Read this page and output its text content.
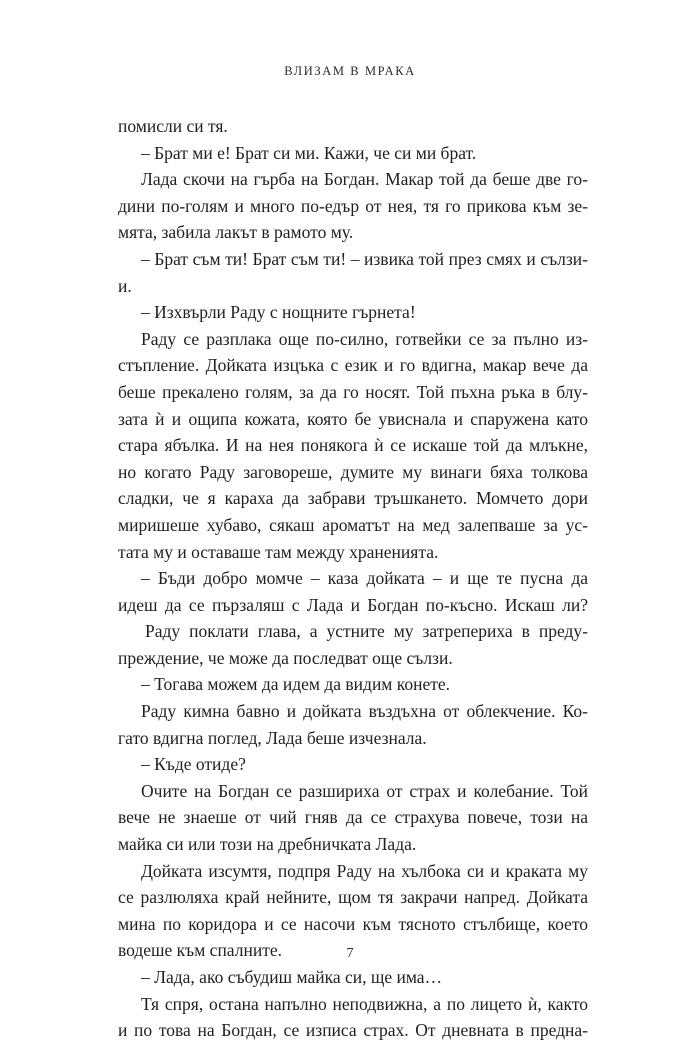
ВЛИЗАМ В МРАКА
помисли си тя.
– Брат ми е! Брат си ми. Кажи, че си ми брат.
Лада скочи на гърба на Богдан. Макар той да беше две го-
дини по-голям и много по-едър от нея, тя го прикова към зе-
мята, забила лакът в рамото му.
– Брат съм ти! Брат съм ти! – извика той през смях и сълзи-
и.
– Изхвърли Раду с нощните гърнета!
Раду се разплака още по-силно, готвейки се за пълно из-
стъпление. Дойката изцъка с език и го вдигна, макар вече да
беше прекалено голям, за да го носят. Той пъхна ръка в блу-
зата ѝ и ощипа кожата, която бе увиснала и спаружена като
стара ябълка. И на нея понякога ѝ се искаше той да млъкне,
но когато Раду заговореше, думите му винаги бяха толкова
сладки, че я караха да забрави тръшкането. Момчето дори
миришеше хубаво, сякаш ароматът на мед залепваше за ус-
тата му и оставаше там между храненията.
– Бъди добро момче – каза дойката – и ще те пусна да
идеш да се пързаляш с Лада и Богдан по-късно. Искаш ли?
Раду поклати глава, а устните му затрепериха в преду-
преждение, че може да последват още сълзи.
– Тогава можем да идем да видим конете.
Раду кимна бавно и дойката въздъхна от облекчение. Ко-
гато вдигна поглед, Лада беше изчезнала.
– Къде отиде?
Очите на Богдан се разшириха от страх и колебание. Той
вече не знаеше от чий гняв да се страхува повече, този на
майка си или този на дребничката Лада.
Дойката изсумтя, подпря Раду на хълбока си и краката му
се разлюляха край нейните, щом тя закрачи напред. Дойката
мина по коридора и се насочи към тясното стълбище, което
водеше към спалните.
– Лада, ако събудиш майка си, ще има…
Тя спря, остана напълно неподвижна, а по лицето ѝ, както
и по това на Богдан, се изписа страх. От дневната в предна-
7
